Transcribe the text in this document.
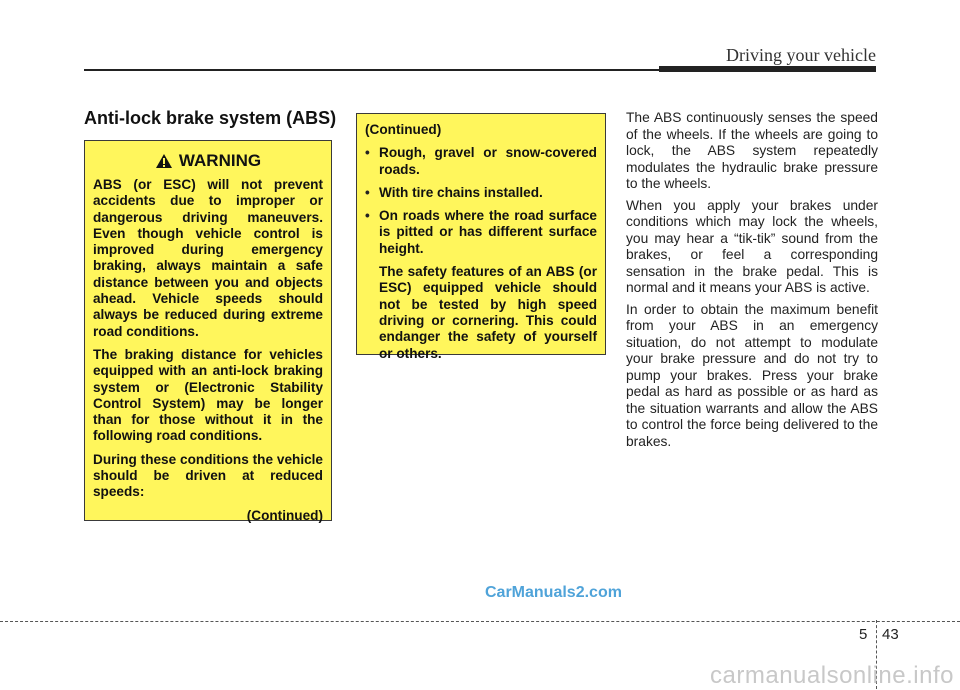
Driving your vehicle
Anti-lock brake system (ABS)
WARNING

ABS (or ESC) will not prevent accidents due to improper or dangerous driving maneuvers. Even though vehicle control is improved during emergency braking, always maintain a safe distance between you and objects ahead. Vehicle speeds should always be reduced during extreme road conditions.

The braking distance for vehicles equipped with an anti-lock braking system or (Electronic Stability Control System) may be longer than for those without it in the following road conditions.

During these conditions the vehicle should be driven at reduced speeds:

(Continued)

(Continued)

• Rough, gravel or snow-covered roads.
• With tire chains installed.
• On roads where the road surface is pitted or has different surface height.

The safety features of an ABS (or ESC) equipped vehicle should not be tested by high speed driving or cornering. This could endanger the safety of yourself or others.

The ABS continuously senses the speed of the wheels. If the wheels are going to lock, the ABS system repeatedly modulates the hydraulic brake pressure to the wheels.

When you apply your brakes under conditions which may lock the wheels, you may hear a “tik-tik” sound from the brakes, or feel a corresponding sensation in the brake pedal. This is normal and it means your ABS is active.

In order to obtain the maximum benefit from your ABS in an emergency situation, do not attempt to modulate your brake pressure and do not try to pump your brakes. Press your brake pedal as hard as possible or as hard as the situation warrants and allow the ABS to control the force being delivered to the brakes.

CarManuals2.com
5 43
carmanualsonline.info
